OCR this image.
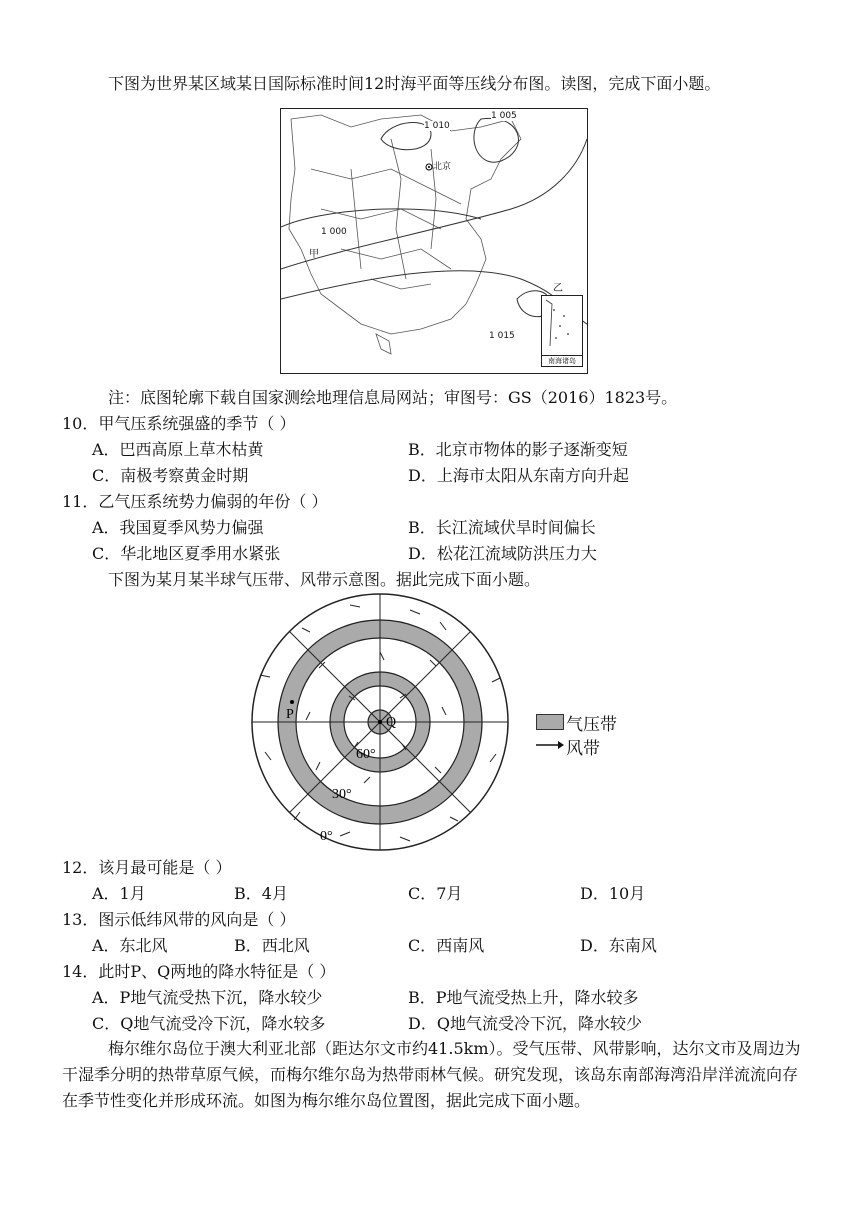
下图为世界某区域某日国际标准时间12时海平面等压线分布图。读图，完成下面小题。
1 010
1 005
1 000
1 015
北京
甲
乙
南海诸岛
注：底图轮廓下载自国家测绘地理信息局网站；审图号：GS（2016）1823号。
10．甲气压系统强盛的季节（ ）
A．巴西高原上草木枯黄	B．北京市物体的影子逐渐变短
C．南极考察黄金时期	D．上海市太阳从东南方向升起
11．乙气压系统势力偏弱的年份（ ）
A．我国夏季风势力偏强	B．长江流域伏旱时间偏长
C．华北地区夏季用水紧张	D．松花江流域防洪压力大
下图为某月某半球气压带、风带示意图。据此完成下面小题。
P
Q
60°
30°
0°
气压带
风带
12．该月最可能是（ ）
A．1月	B．4月	C．7月	D．10月
13．图示低纬风带的风向是（ ）
A．东北风	B．西北风	C．西南风	D．东南风
14．此时P、Q两地的降水特征是（ ）
A．P地气流受热下沉，降水较少	B．P地气流受热上升，降水较多
C．Q地气流受冷下沉，降水较多	D．Q地气流受冷下沉，降水较少
梅尔维尔岛位于澳大利亚北部（距达尔文市约41.5km）。受气压带、风带影响，达尔文市及周边为干湿季分明的热带草原气候，而梅尔维尔岛为热带雨林气候。研究发现，该岛东南部海湾沿岸洋流流向存在季节性变化并形成环流。如图为梅尔维尔岛位置图，据此完成下面小题。
